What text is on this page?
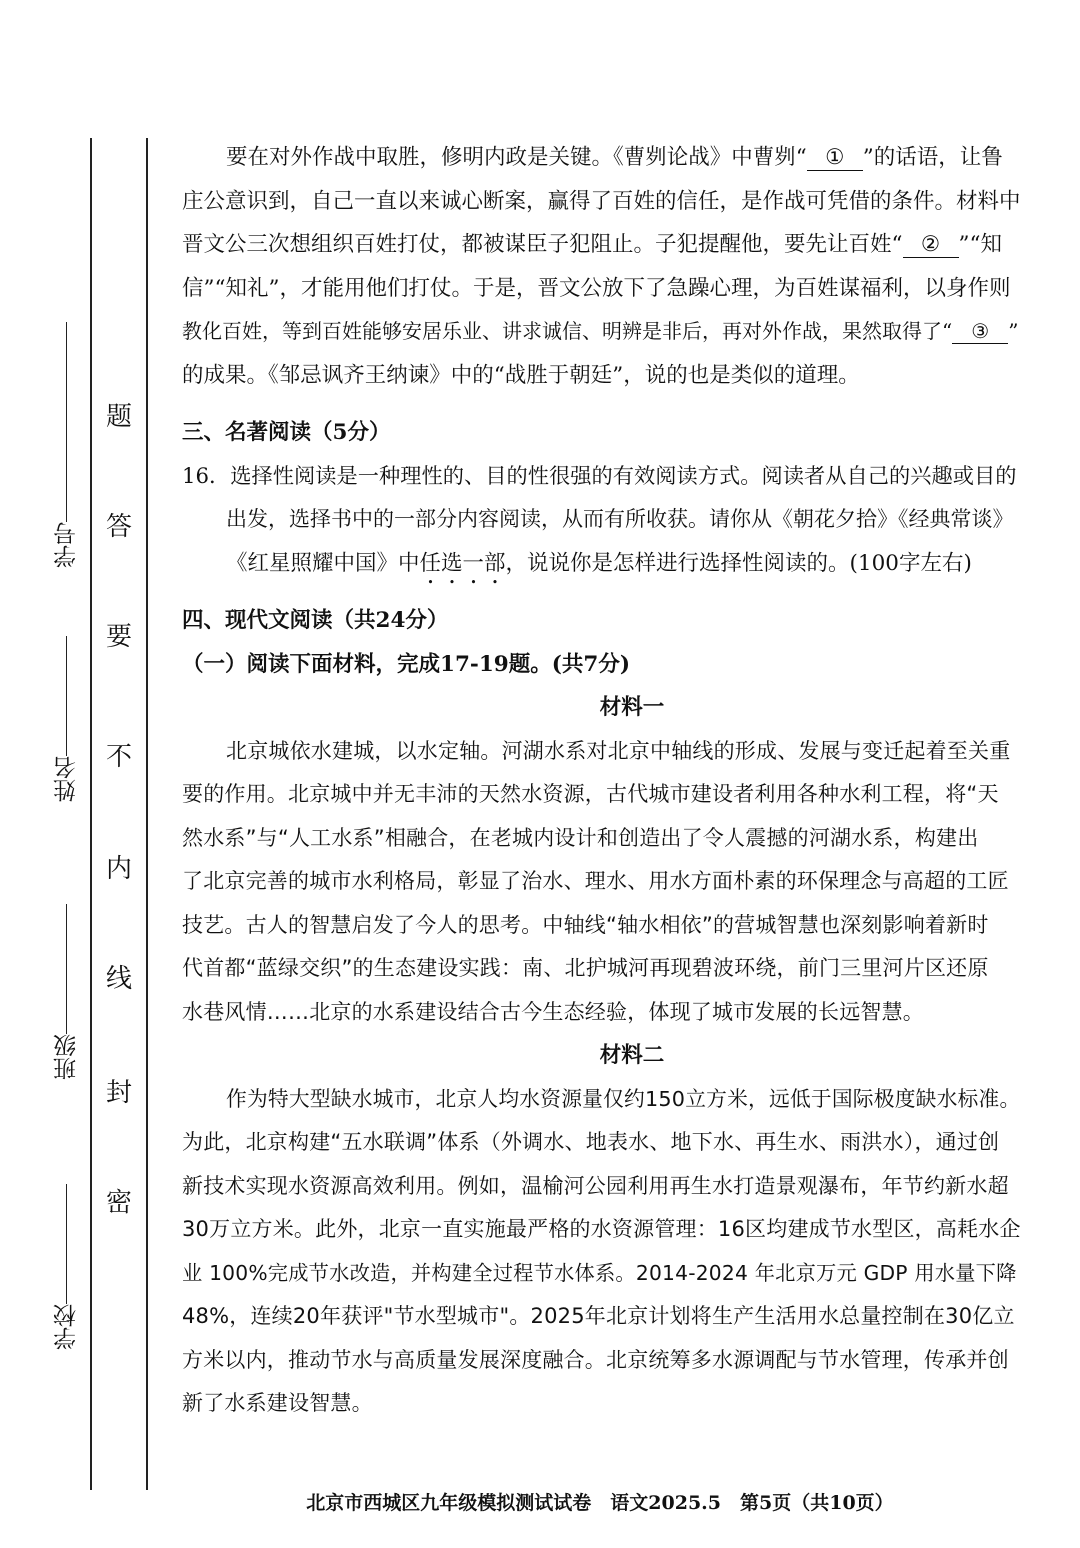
题
答
要
不
内
线
封
密
学号
姓名
班级
学校
要在对外作战中取胜，修明内政是关键。《曹刿论战》中曹刿“ ① ”的话语，让鲁
庄公意识到，自己一直以来诚心断案，赢得了百姓的信任，是作战可凭借的条件。材料中
晋文公三次想组织百姓打仗，都被谋臣子犯阻止。子犯提醒他，要先让百姓“ ② ”“知
信”“知礼”，才能用他们打仗。于是，晋文公放下了急躁心理，为百姓谋福利，以身作则
教化百姓，等到百姓能够安居乐业、讲求诚信、明辨是非后，再对外作战，果然取得了“ ③ ”
的成果。《邹忌讽齐王纳谏》中的“战胜于朝廷”，说的也是类似的道理。
三、名著阅读（5分）
16．选择性阅读是一种理性的、目的性很强的有效阅读方式。阅读者从自己的兴趣或目的
出发，选择书中的一部分内容阅读，从而有所收获。请你从《朝花夕拾》《经典常谈》
《红星照耀中国》中任选一部，说说你是怎样进行选择性阅读的。(100字左右)
四、现代文阅读（共24分）
（一）阅读下面材料，完成17-19题。(共7分)
材料一
北京城依水建城，以水定轴。河湖水系对北京中轴线的形成、发展与变迁起着至关重
要的作用。北京城中并无丰沛的天然水资源，古代城市建设者利用各种水利工程，将“天
然水系”与“人工水系”相融合，在老城内设计和创造出了令人震撼的河湖水系，构建出
了北京完善的城市水利格局，彰显了治水、理水、用水方面朴素的环保理念与高超的工匠
技艺。古人的智慧启发了今人的思考。中轴线“轴水相依”的营城智慧也深刻影响着新时
代首都“蓝绿交织”的生态建设实践：南、北护城河再现碧波环绕，前门三里河片区还原
水巷风情……北京的水系建设结合古今生态经验，体现了城市发展的长远智慧。
材料二
作为特大型缺水城市，北京人均水资源量仅约150立方米，远低于国际极度缺水标准。
为此，北京构建“五水联调”体系（外调水、地表水、地下水、再生水、雨洪水），通过创
新技术实现水资源高效利用。例如，温榆河公园利用再生水打造景观瀑布，年节约新水超
30万立方米。此外，北京一直实施最严格的水资源管理：16区均建成节水型区，高耗水企
业 100%完成节水改造，并构建全过程节水体系。2014-2024 年北京万元 GDP 用水量下降
48%，连续20年获评"节水型城市"。2025年北京计划将生产生活用水总量控制在30亿立
方米以内，推动节水与高质量发展深度融合。北京统筹多水源调配与节水管理，传承并创
新了水系建设智慧。
北京市西城区九年级模拟测试试卷　语文2025.5　第5页（共10页）
